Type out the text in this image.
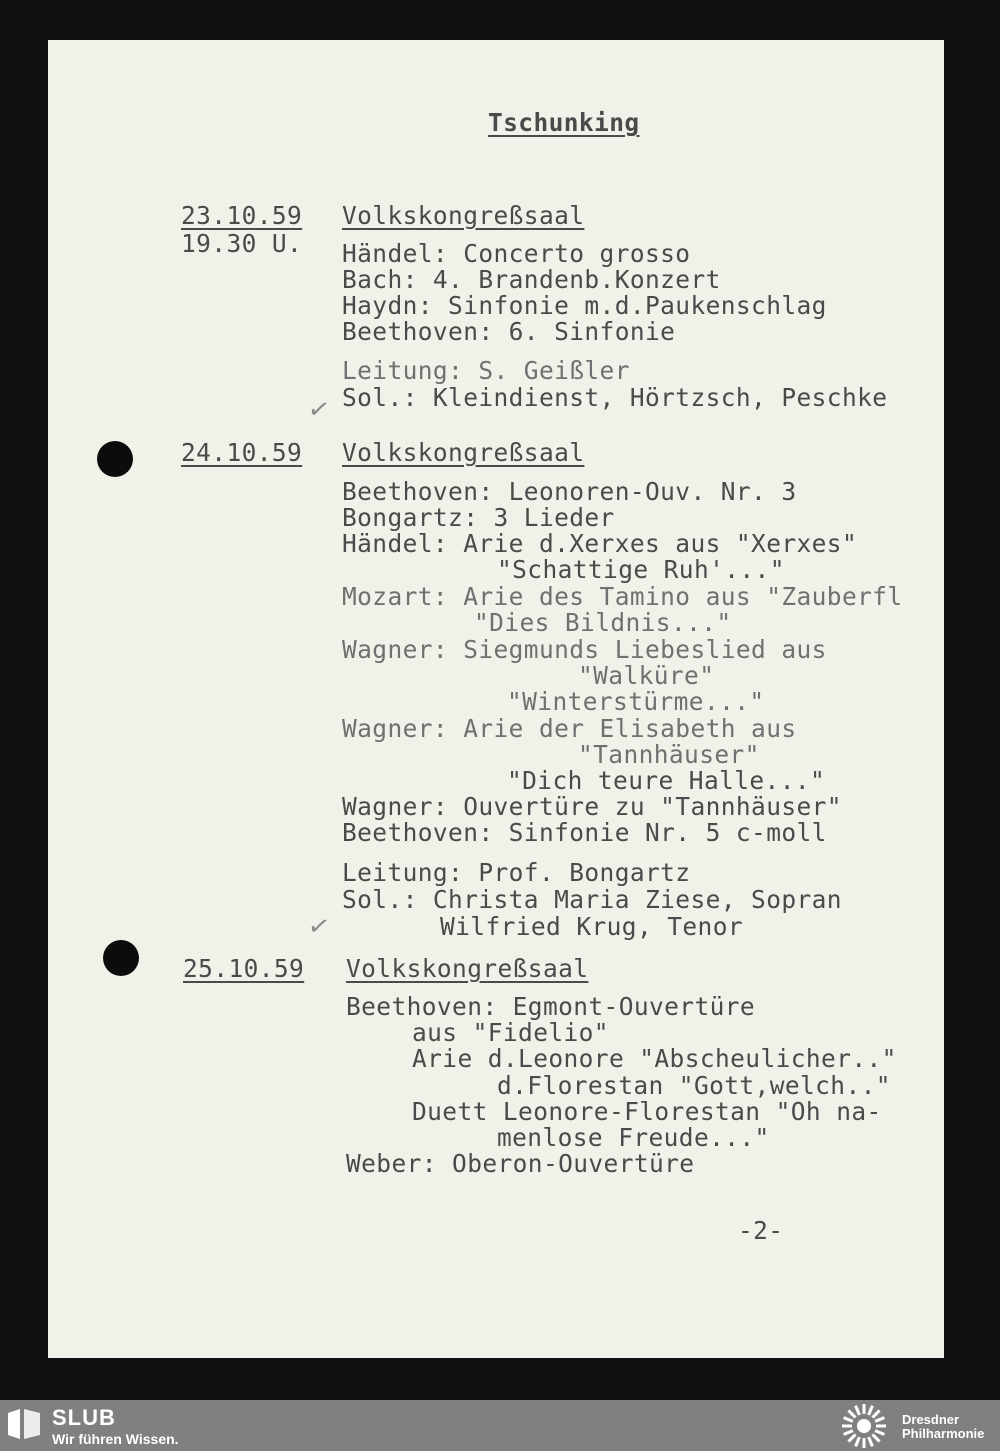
Tschunking
23.10.59
19.30 U.
Volkskongreßsaal
Händel: Concerto grosso
Bach: 4. Brandenb.Konzert
Haydn: Sinfonie m.d.Paukenschlag
Beethoven: 6. Sinfonie
Leitung: S. Geißler
Sol.: Kleindienst, Hörtzsch, Peschke
✓
24.10.59 Volkskongreßsaal
Beethoven: Leonoren-Ouv. Nr. 3
Bongartz: 3 Lieder
Händel: Arie d.Xerxes aus "Xerxes"
"Schattige Ruh'..."
Mozart: Arie des Tamino aus "Zauberfl
"Dies Bildnis..."
Wagner: Siegmunds Liebeslied aus
"Walküre"
"Winterstürme..."
Wagner: Arie der Elisabeth aus
"Tannhäuser"
"Dich teure Halle..."
Wagner: Ouvertüre zu "Tannhäuser"
Beethoven: Sinfonie Nr. 5 c-moll
Leitung: Prof. Bongartz
Sol.: Christa Maria Ziese, Sopran
Wilfried Krug, Tenor
✓
25.10.59 Volkskongreßsaal
Beethoven: Egmont-Ouvertüre
aus "Fidelio"
Arie d.Leonore "Abscheulicher.."
d.Florestan "Gott,welch.."
Duett Leonore-Florestan "Oh na-
menlose Freude..."
Weber: Oberon-Ouvertüre
-2-
SLUB
Wir führen Wissen.
Dresdner
Philharmonie
